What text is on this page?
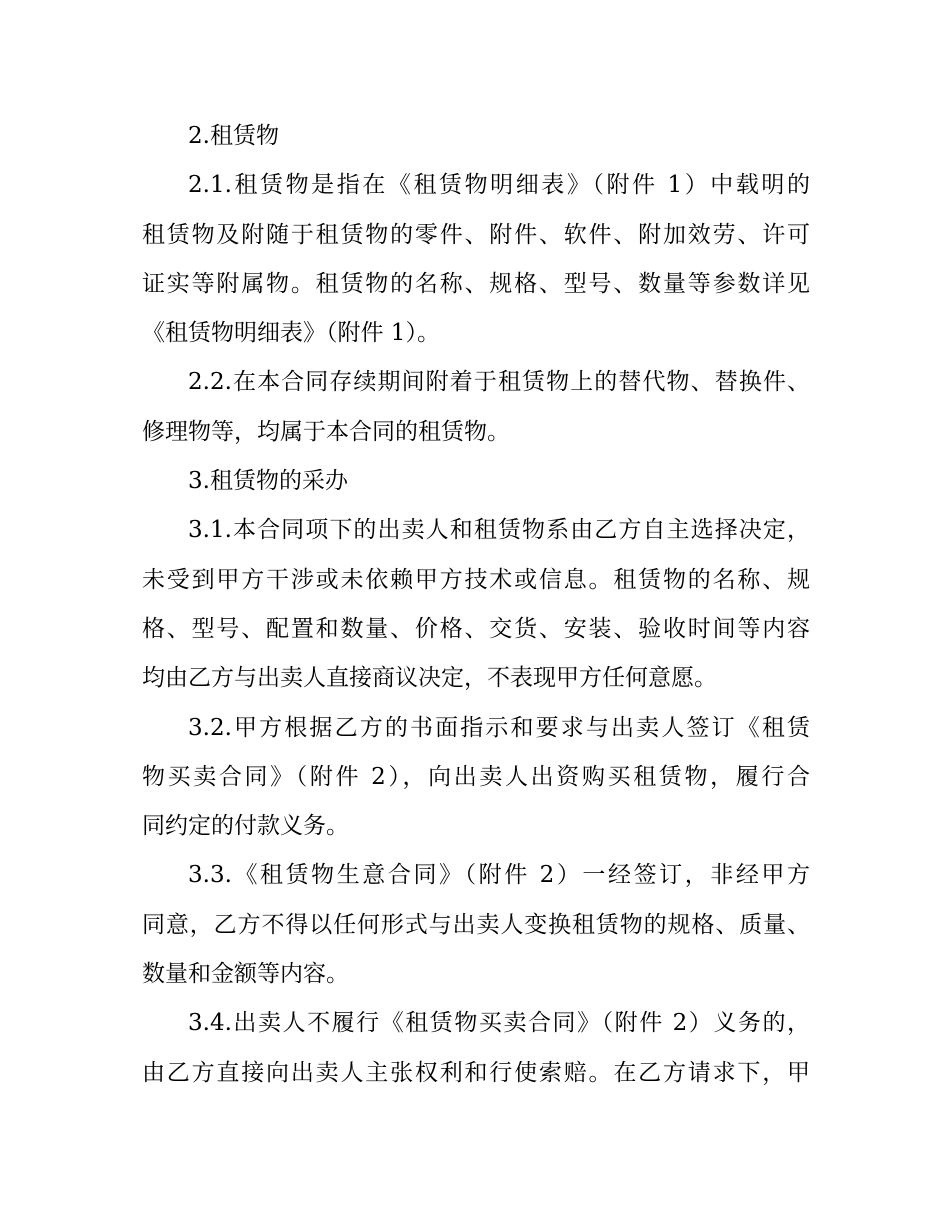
2.租赁物
2.1.租赁物是指在《租赁物明细表》（附件 1）中载明的
租赁物及附随于租赁物的零件、附件、软件、附加效劳、许可
证实等附属物。租赁物的名称、规格、型号、数量等参数详见
《租赁物明细表》（附件 1）。
2.2.在本合同存续期间附着于租赁物上的替代物、替换件、
修理物等，均属于本合同的租赁物。
3.租赁物的采办
3.1.本合同项下的出卖人和租赁物系由乙方自主选择决定，
未受到甲方干涉或未依赖甲方技术或信息。租赁物的名称、规
格、型号、配置和数量、价格、交货、安装、验收时间等内容
均由乙方与出卖人直接商议决定，不表现甲方任何意愿。
3.2.甲方根据乙方的书面指示和要求与出卖人签订《租赁
物买卖合同》（附件 2），向出卖人出资购买租赁物，履行合
同约定的付款义务。
3.3.《租赁物生意合同》（附件 2）一经签订，非经甲方
同意，乙方不得以任何形式与出卖人变换租赁物的规格、质量、
数量和金额等内容。
3.4.出卖人不履行《租赁物买卖合同》（附件 2）义务的，
由乙方直接向出卖人主张权利和行使索赔。在乙方请求下，甲
